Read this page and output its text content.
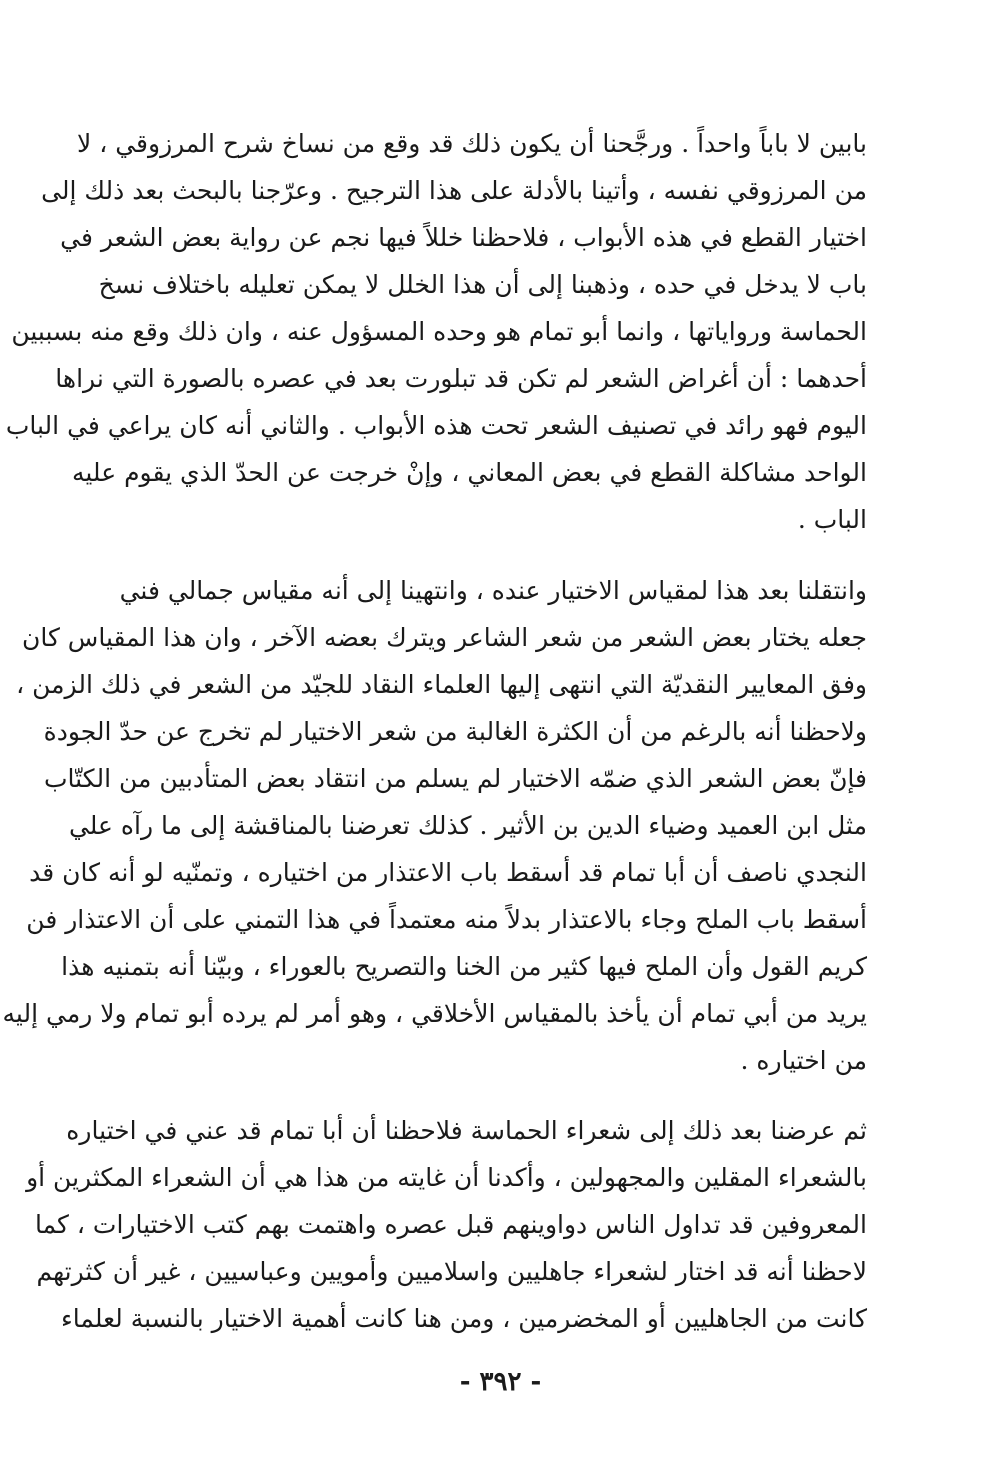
بابين لا باباً واحداً . ورجَّحنا أن يكون ذلك قد وقع من نساخ شرح المرزوقي ، لا
من المرزوقي نفسه ، وأتينا بالأدلة على هذا الترجيح . وعرّجنا بالبحث بعد ذلك إلى
اختيار القطع في هذه الأبواب ، فلاحظنا خللاً فيها نجم عن رواية بعض الشعر في
باب لا يدخل في حده ، وذهبنا إلى أن هذا الخلل لا يمكن تعليله باختلاف نسخ
الحماسة ورواياتها ، وانما أبو تمام هو وحده المسؤول عنه ، وان ذلك وقع منه بسببين
أحدهما : أن أغراض الشعر لم تكن قد تبلورت بعد في عصره بالصورة التي نراها
اليوم فهو رائد في تصنيف الشعر تحت هذه الأبواب . والثاني أنه كان يراعي في الباب
الواحد مشاكلة القطع في بعض المعاني ، وإنْ خرجت عن الحدّ الذي يقوم عليه
الباب .
وانتقلنا بعد هذا لمقياس الاختيار عنده ، وانتهينا إلى أنه مقياس جمالي فني
جعله يختار بعض الشعر من شعر الشاعر ويترك بعضه الآخر ، وان هذا المقياس كان
وفق المعايير النقديّة التي انتهى إليها العلماء النقاد للجيّد من الشعر في ذلك الزمن ،
ولاحظنا أنه بالرغم من أن الكثرة الغالبة من شعر الاختيار لم تخرج عن حدّ الجودة
فإنّ بعض الشعر الذي ضمّه الاختيار لم يسلم من انتقاد بعض المتأدبين من الكتّاب
مثل ابن العميد وضياء الدين بن الأثير . كذلك تعرضنا بالمناقشة إلى ما رآه علي
النجدي ناصف أن أبا تمام قد أسقط باب الاعتذار من اختياره ، وتمنّيه لو أنه كان قد
أسقط باب الملح وجاء بالاعتذار بدلاً منه معتمداً في هذا التمني على أن الاعتذار فن
كريم القول وأن الملح فيها كثير من الخنا والتصريح بالعوراء ، وبيّنا أنه بتمنيه هذا
يريد من أبي تمام أن يأخذ بالمقياس الأخلاقي ، وهو أمر لم يرده أبو تمام ولا رمي إليه
من اختياره .
ثم عرضنا بعد ذلك إلى شعراء الحماسة فلاحظنا أن أبا تمام قد عني في اختياره
بالشعراء المقلين والمجهولين ، وأكدنا أن غايته من هذا هي أن الشعراء المكثرين أو
المعروفين قد تداول الناس دواوينهم قبل عصره واهتمت بهم كتب الاختيارات ، كما
لاحظنا أنه قد اختار لشعراء جاهليين واسلاميين وأمويين وعباسيين ، غير أن كثرتهم
كانت من الجاهليين أو المخضرمين ، ومن هنا كانت أهمية الاختيار بالنسبة لعلماء
- ٣٩٢ -
